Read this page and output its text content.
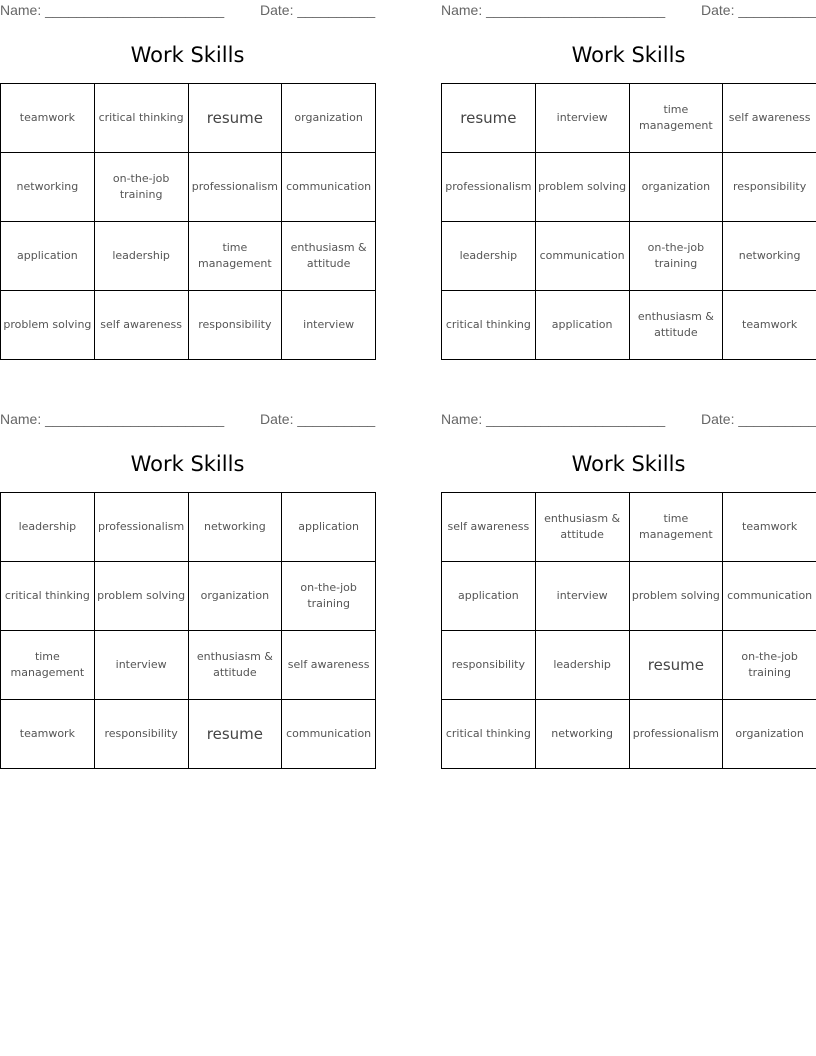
Name: _______________________	Date: __________
Work Skills
teamwork	critical thinking	resume	organization
networking	on-the-job training	professionalism	communication
application	leadership	time management	enthusiasm & attitude
problem solving	self awareness	responsibility	interview
Name: _______________________	Date: __________
Work Skills
resume	interview	time management	self awareness
professionalism	problem solving	organization	responsibility
leadership	communication	on-the-job training	networking
critical thinking	application	enthusiasm & attitude	teamwork
Name: _______________________	Date: __________
Work Skills
leadership	professionalism	networking	application
critical thinking	problem solving	organization	on-the-job training
time management	interview	enthusiasm & attitude	self awareness
teamwork	responsibility	resume	communication
Name: _______________________	Date: __________
Work Skills
self awareness	enthusiasm & attitude	time management	teamwork
application	interview	problem solving	communication
responsibility	leadership	resume	on-the-job training
critical thinking	networking	professionalism	organization
